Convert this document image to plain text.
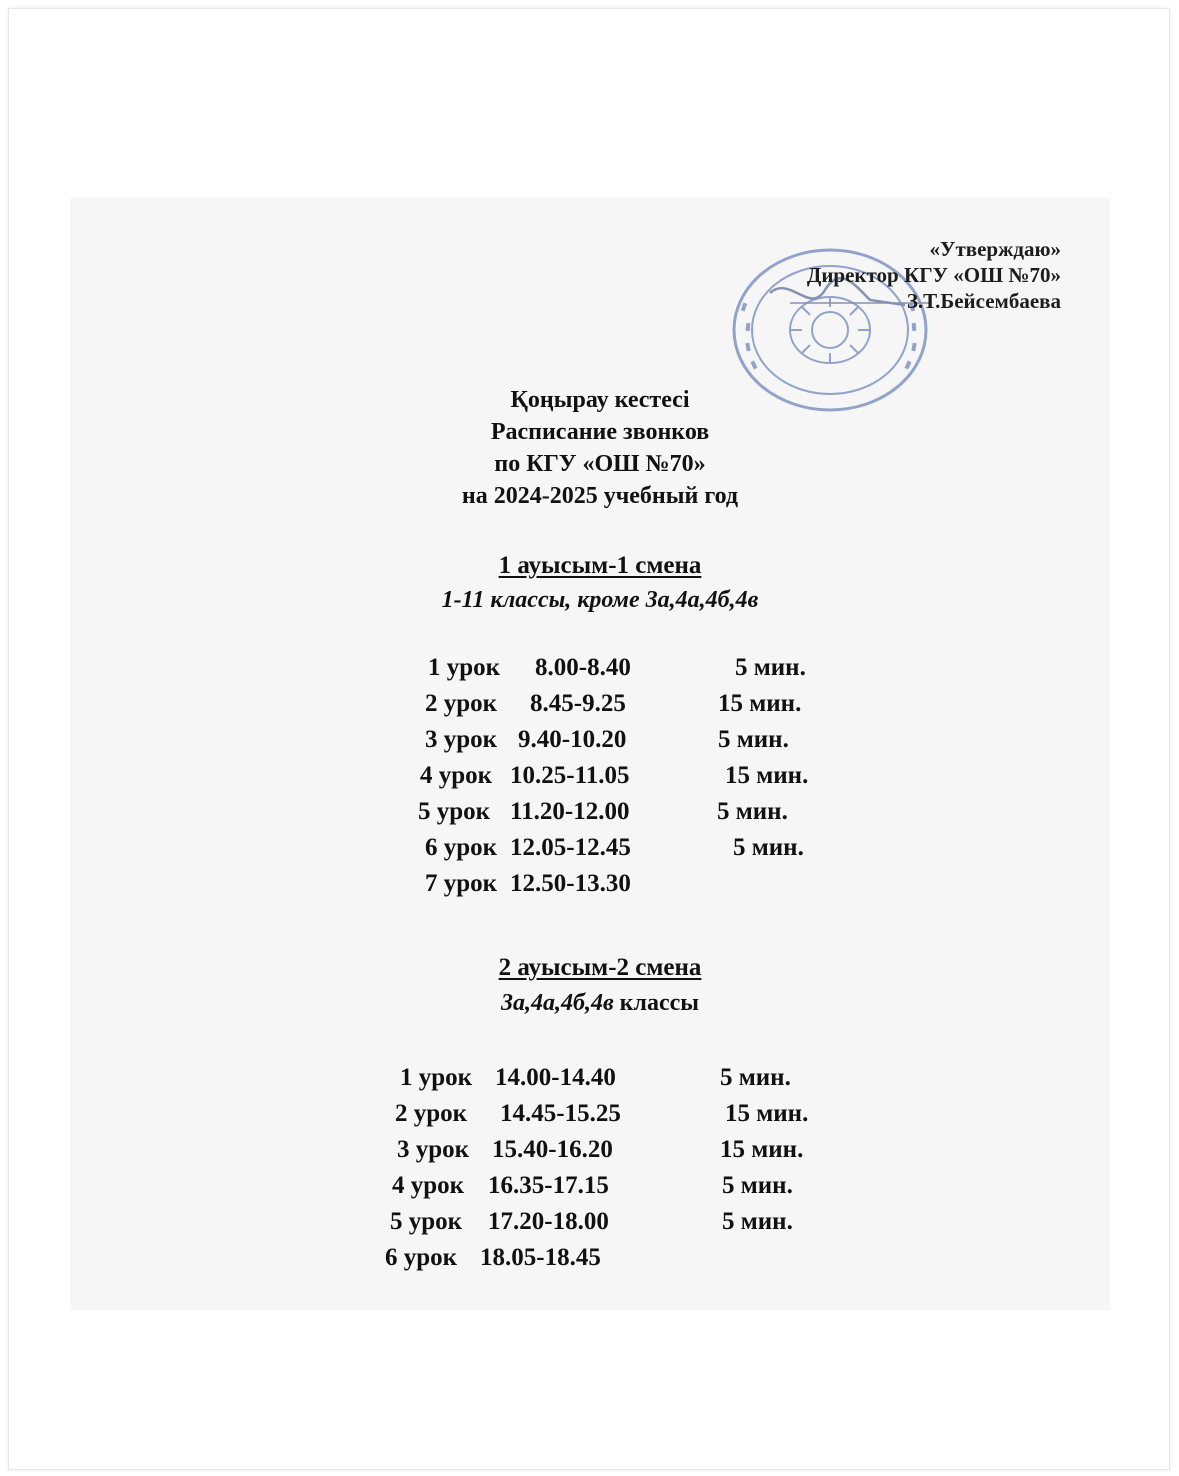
«Утверждаю»
Директор КГУ «ОШ №70»
З.Т.Бейсембаева
Қоңырау кестесі
Расписание звонков
по КГУ «ОШ №70»
на 2024-2025 учебный год
1 ауысым-1 смена
1-11 классы, кроме 3а,4а,4б,4в
1 урок 8.00-8.40	5 мин.
2 урок 8.45-9.25	15 мин.
3 урок 9.40-10.20	5 мин.
4 урок 10.25-11.05	15 мин.
5 урок 11.20-12.00	5 мин.
6 урок 12.05-12.45	5 мин.
7 урок 12.50-13.30
2 ауысым-2 смена
3а,4а,4б,4в классы
1 урок 14.00-14.40	5 мин.
2 урок 14.45-15.25	15 мин.
3 урок 15.40-16.20	15 мин.
4 урок 16.35-17.15	5 мин.
5 урок 17.20-18.00	5 мин.
6 урок 18.05-18.45
